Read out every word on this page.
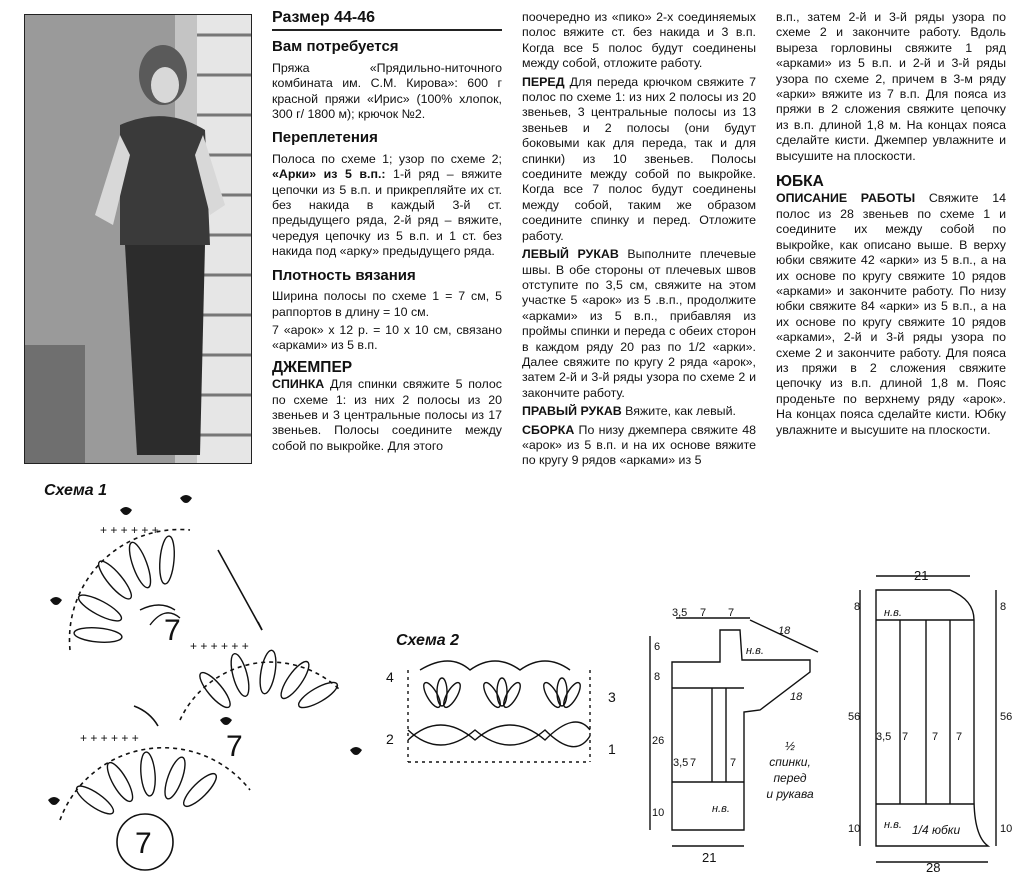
Размер 44-46
Вам потребуется

Пряжа «Прядильно-ниточного комбината им. С.М. Кирова»: 600 г красной пряжи «Ирис» (100% хлопок, 300 г/ 1800 м); крючок №2.

Переплетения

Полоса по схеме 1; узор по схеме 2; «Арки» из 5 в.п.: 1-й ряд – вяжите цепочки из 5 в.п. и прикрепляйте их ст. без накида в каждый 3-й ст. предыдущего ряда, 2-й ряд – вяжите, чередуя цепочку из 5 в.п. и 1 ст. без накида под «арку» предыдущего ряда.

Плотность вязания

Ширина полосы по схеме 1 = 7 см, 5 раппортов в длину = 10 см.

7 «арок» х 12 р. = 10 х 10 см, связано «арками» из 5 в.п.

ДЖЕМПЕР

СПИНКА Для спинки свяжите 5 полос по схеме 1: из них 2 полосы из 20 звеньев и 3 центральные полосы из 17 звеньев. Полосы соедините между собой по выкройке. Для этого

поочередно из «пико» 2-х соединяемых полос вяжите ст. без накида и 3 в.п. Когда все 5 полос будут соединены между собой, отложите работу.

ПЕРЕД Для переда крючком свяжите 7 полос по схеме 1: из них 2 полосы из 20 звеньев, 3 центральные полосы из 13 звеньев и 2 полосы (они будут боковыми как для переда, так и для спинки) из 10 звеньев. Полосы соедините между собой по выкройке. Когда все 7 полос будут соединены между собой, таким же образом соедините спинку и перед. Отложите работу.

ЛЕВЫЙ РУКАВ Выполните плечевые швы. В обе стороны от плечевых швов отступите по 3,5 см, свяжите на этом участке 5 «арок» из 5 .в.п., продолжите «арками» из 5 в.п., прибавляя из проймы спинки и переда с обеих сторон в каждом ряду 20 раз по 1/2 «арки». Далее свяжите по кругу 2 ряда «арок», затем 2-й и 3-й ряды узора по схеме 2 и закончите работу.

ПРАВЫЙ РУКАВ Вяжите, как левый.

СБОРКА По низу джемпера свяжите 48 «арок» из 5 в.п. и на их основе вяжите по кругу 9 рядов «арками» из 5

в.п., затем 2-й и 3-й ряды узора по схеме 2 и закончите работу. Вдоль выреза горловины свяжите 1 ряд «арками» из 5 в.п. и 2-й и 3-й ряды узора по схеме 2, причем в 3-м ряду «арки» вяжите из 7 в.п. Для пояса из пряжи в 2 сложения свяжите цепочку из в.п. длиной 1,8 м. На концах пояса сделайте кисти. Джемпер увлажните и высушите на плоскости.

ЮБКА

ОПИСАНИЕ РАБОТЫ Свяжите 14 полос из 28 звеньев по схеме 1 и соедините их между собой по выкройке, как описано выше. В верху юбки свяжите 42 «арки» из 5 в.п., а на их основе по кругу свяжите 10 рядов «арками» и закончите работу. По низу юбки свяжите 84 «арки» из 5 в.п., а на их основе по кругу свяжите 10 рядов «арками», 2-й и 3-й ряды узора по схеме 2 и закончите работу. Для пояса из пряжи в 2 сложения свяжите цепочку из в.п. длиной 1,8 м. Пояс проденьте по верхнему ряду «арок». На концах пояса сделайте кисти. Юбку увлажните и высушите на плоскости.

Схема 1
+ + + + + +
+ + + + + +
+ + + + + +
7
7
7
Схема 2
4
3
2
1
3,5 7 7
18
18
6
8
26
10
3,5 7	7
н.в.
н.в.
21
½
спинки,
перед
и рукава
21
8
56
10
8
56
10
3,5 7 7 7
н.в.
н.в. 1/4 юбки
28
